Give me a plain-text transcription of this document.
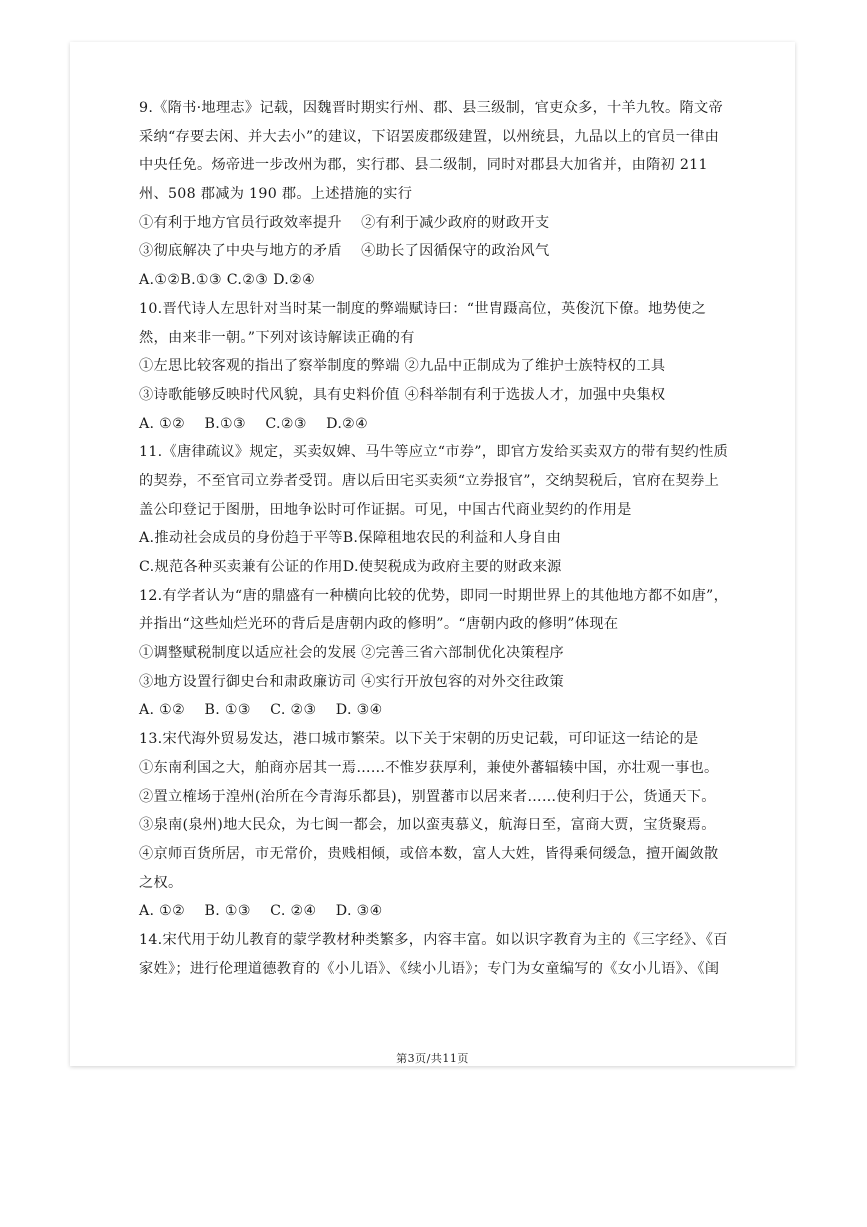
9.《隋书·地理志》记载，因魏晋时期实行州、郡、县三级制，官吏众多，十羊九牧。隋文帝
采纳“存要去闲、并大去小”的建议，下诏罢废郡级建置，以州统县，九品以上的官员一律由
中央任免。炀帝进一步改州为郡，实行郡、县二级制，同时对郡县大加省并，由隋初 211
州、508 郡减为 190 郡。上述措施的实行
①有利于地方官员行政效率提升　 ②有利于减少政府的财政开支
③彻底解决了中央与地方的矛盾　 ④助长了因循保守的政治风气
A.①②B.①③ C.②③ D.②④
10.晋代诗人左思针对当时某一制度的弊端赋诗曰：“世胄蹑高位，英俊沉下僚。地势使之
然，由来非一朝。”下列对该诗解读正确的有
①左思比较客观的指出了察举制度的弊端 ②九品中正制成为了维护士族特权的工具
③诗歌能够反映时代风貌，具有史料价值 ④科举制有利于选拔人才，加强中央集权
A. ①②　 B.①③　 C.②③　 D.②④
11.《唐律疏议》规定，买卖奴婢、马牛等应立“市券”，即官方发给买卖双方的带有契约性质
的契券，不至官司立券者受罚。唐以后田宅买卖须“立券报官”，交纳契税后，官府在契券上
盖公印登记于图册，田地争讼时可作证据。可见，中国古代商业契约的作用是
A.推动社会成员的身份趋于平等B.保障租地农民的利益和人身自由
C.规范各种买卖兼有公证的作用D.使契税成为政府主要的财政来源
12.有学者认为“唐的鼎盛有一种横向比较的优势，即同一时期世界上的其他地方都不如唐”，
并指出“这些灿烂光环的背后是唐朝内政的修明”。“唐朝内政的修明”体现在
①调整赋税制度以适应社会的发展 ②完善三省六部制优化决策程序
③地方设置行御史台和肃政廉访司 ④实行开放包容的对外交往政策
A. ①②　 B. ①③　 C. ②③　 D. ③④
13.宋代海外贸易发达，港口城市繁荣。以下关于宋朝的历史记载，可印证这一结论的是
①东南利国之大，舶商亦居其一焉……不惟岁获厚利，兼使外蕃辐辏中国，亦壮观一事也。
②置立榷场于湟州(治所在今青海乐都县)，别置蕃市以居来者……使利归于公，货通天下。
③泉南(泉州)地大民众，为七闽一都会，加以蛮夷慕义，航海日至，富商大贾，宝货聚焉。
④京师百货所居，市无常价，贵贱相倾，或倍本数，富人大姓，皆得乘伺缓急，擅开阖敛散
之权。
A. ①②　 B. ①③　 C. ②④　 D. ③④
14.宋代用于幼儿教育的蒙学教材种类繁多，内容丰富。如以识字教育为主的《三字经》、《百
家姓》；进行伦理道德教育的《小儿语》、《续小儿语》；专门为女童编写的《女小儿语》、《闺
第3页/共11页
